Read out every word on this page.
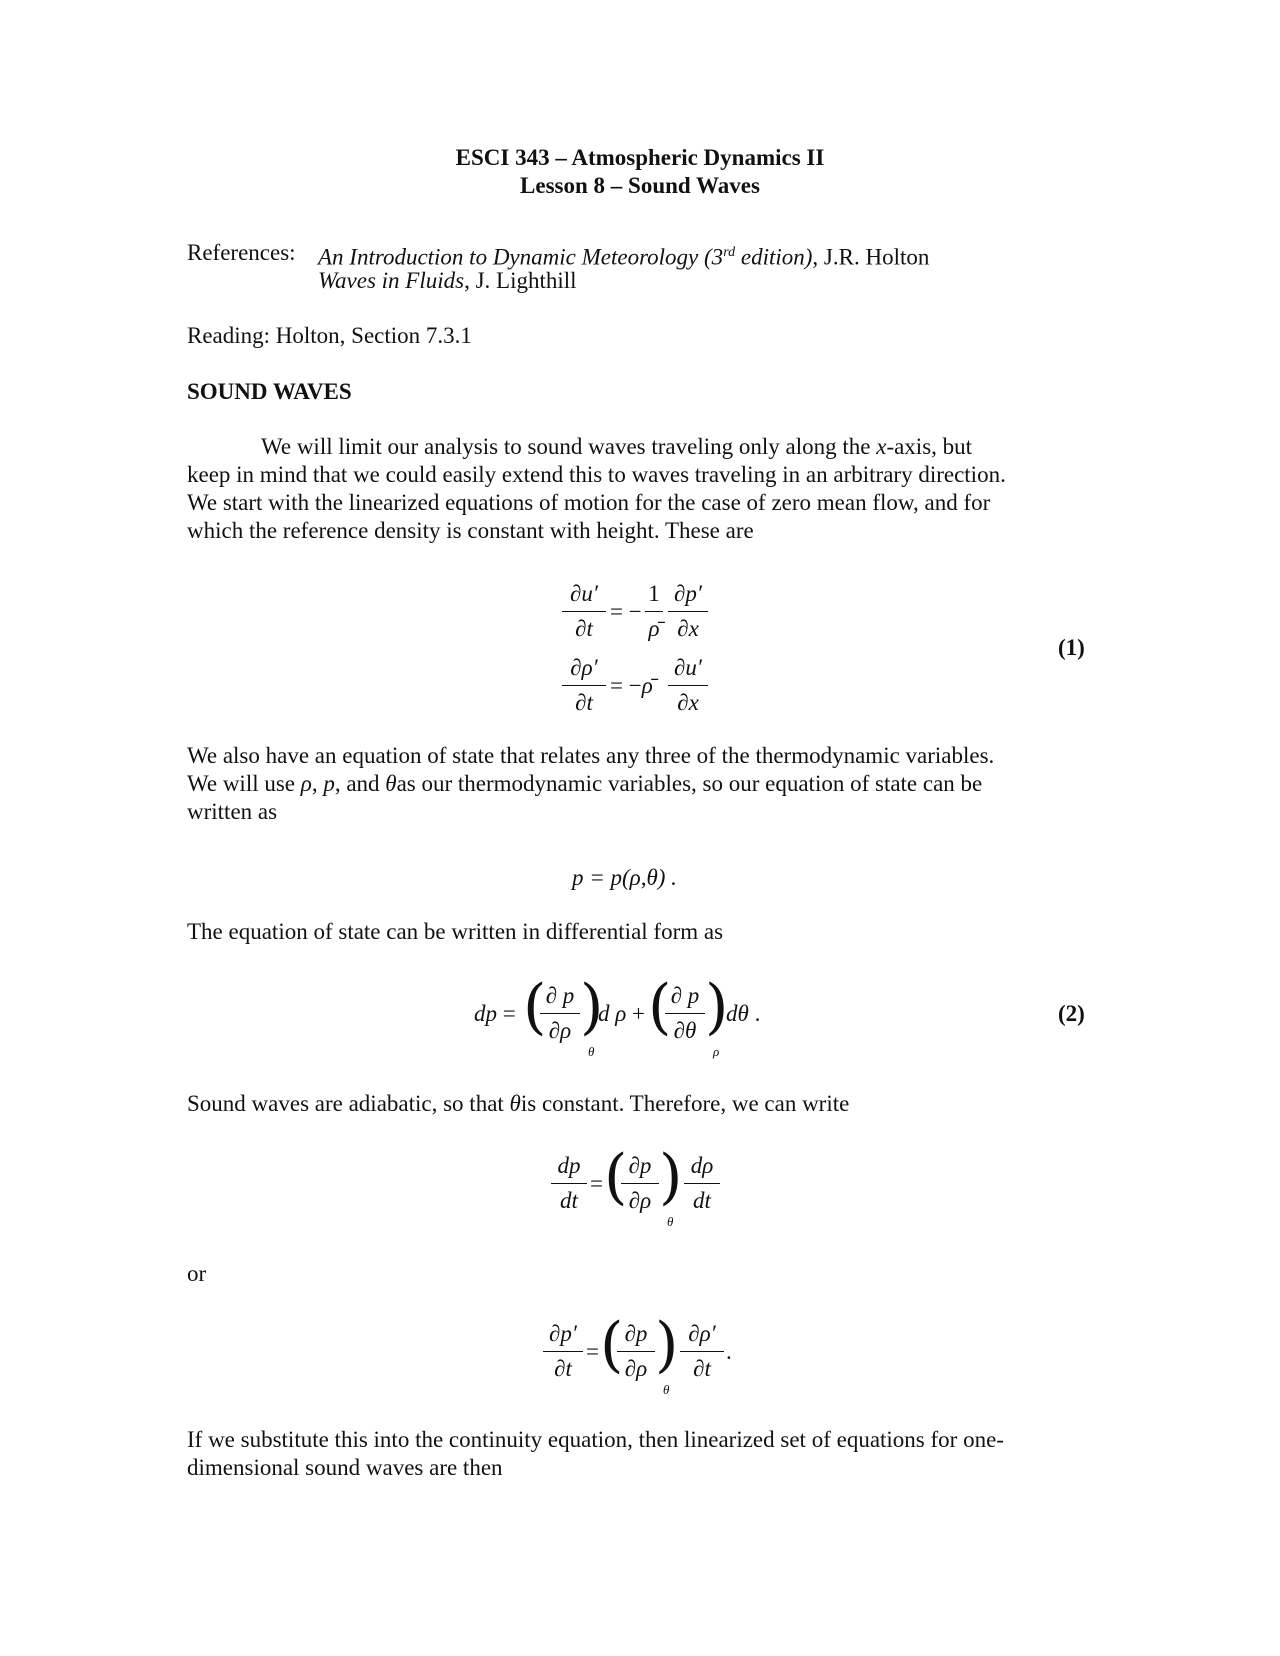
ESCI 343 – Atmospheric Dynamics II
Lesson 8 – Sound Waves
References: An Introduction to Dynamic Meteorology (3rd edition), J.R. Holton
Waves in Fluids, J. Lighthill
Reading: Holton, Section 7.3.1
SOUND WAVES
We will limit our analysis to sound waves traveling only along the x-axis, but
keep in mind that we could easily extend this to waves traveling in an arbitrary direction.
We start with the linearized equations of motion for the case of zero mean flow, and for
which the reference density is constant with height. These are
∂u′
∂t
= −
1
ρ̄
∂p′
∂x
∂ρ′
∂t
= −ρ̄
∂u′
∂x
(1)
We also have an equation of state that relates any three of the thermodynamic variables.
We will use ρ, p, and θas our thermodynamic variables, so our equation of state can be
written as
p = p(ρ,θ) .
The equation of state can be written in differential form as
dp = ( ∂ p
∂ρ )
θ
d ρ + ( ∂ p
∂θ )
ρ
dθ .	(2)
Sound waves are adiabatic, so that θis constant. Therefore, we can write
dp
dt
= ( ∂p
∂ρ )
θ
dρ
dt
or
∂p′
∂t
= ( ∂p
∂ρ )
θ
∂ρ′
∂t
.
If we substitute this into the continuity equation, then linearized set of equations for one-
dimensional sound waves are then
